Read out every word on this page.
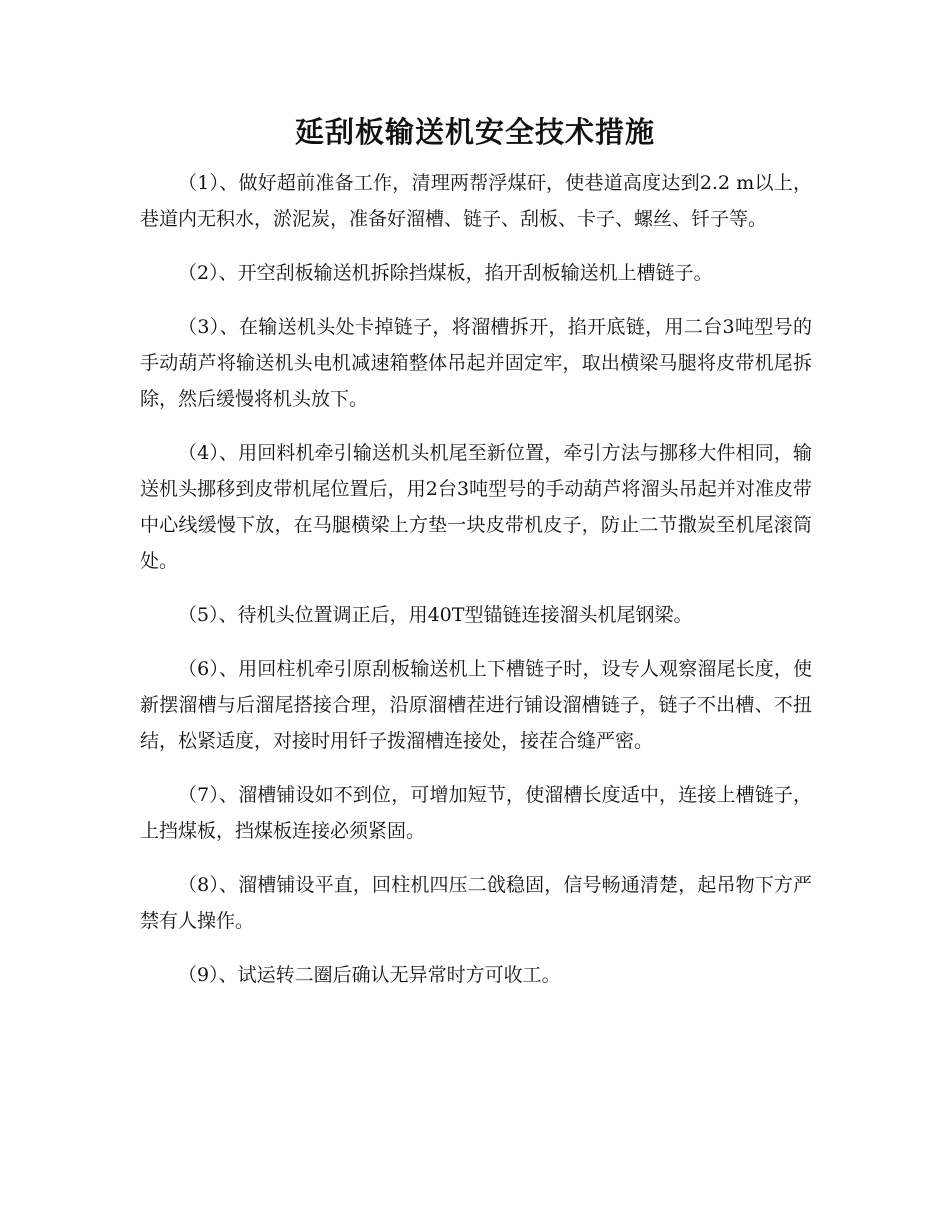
延刮板输送机安全技术措施

（1）、做好超前准备工作，清理两帮浮煤矸，使巷道高度达到2.2 m以上，巷道内无积水，淤泥炭，准备好溜槽、链子、刮板、卡子、螺丝、钎子等。

（2）、开空刮板输送机拆除挡煤板，掐开刮板输送机上槽链子。

（3）、在输送机头处卡掉链子，将溜槽拆开，掐开底链，用二台3吨型号的手动葫芦将输送机头电机减速箱整体吊起并固定牢，取出横梁马腿将皮带机尾拆除，然后缓慢将机头放下。

（4）、用回料机牵引输送机头机尾至新位置，牵引方法与挪移大件相同，输送机头挪移到皮带机尾位置后，用2台3吨型号的手动葫芦将溜头吊起并对准皮带中心线缓慢下放，在马腿横梁上方垫一块皮带机皮子，防止二节撒炭至机尾滚筒处。

（5）、待机头位置调正后，用40T型锚链连接溜头机尾钢梁。

（6）、用回柱机牵引原刮板输送机上下槽链子时，设专人观察溜尾长度，使新摆溜槽与后溜尾搭接合理，沿原溜槽茬进行铺设溜槽链子，链子不出槽、不扭结，松紧适度，对接时用钎子拨溜槽连接处，接茬合缝严密。

（7）、溜槽铺设如不到位，可增加短节，使溜槽长度适中，连接上槽链子，上挡煤板，挡煤板连接必须紧固。

（8）、溜槽铺设平直，回柱机四压二戗稳固，信号畅通清楚，起吊物下方严禁有人操作。

（9）、试运转二圈后确认无异常时方可收工。
